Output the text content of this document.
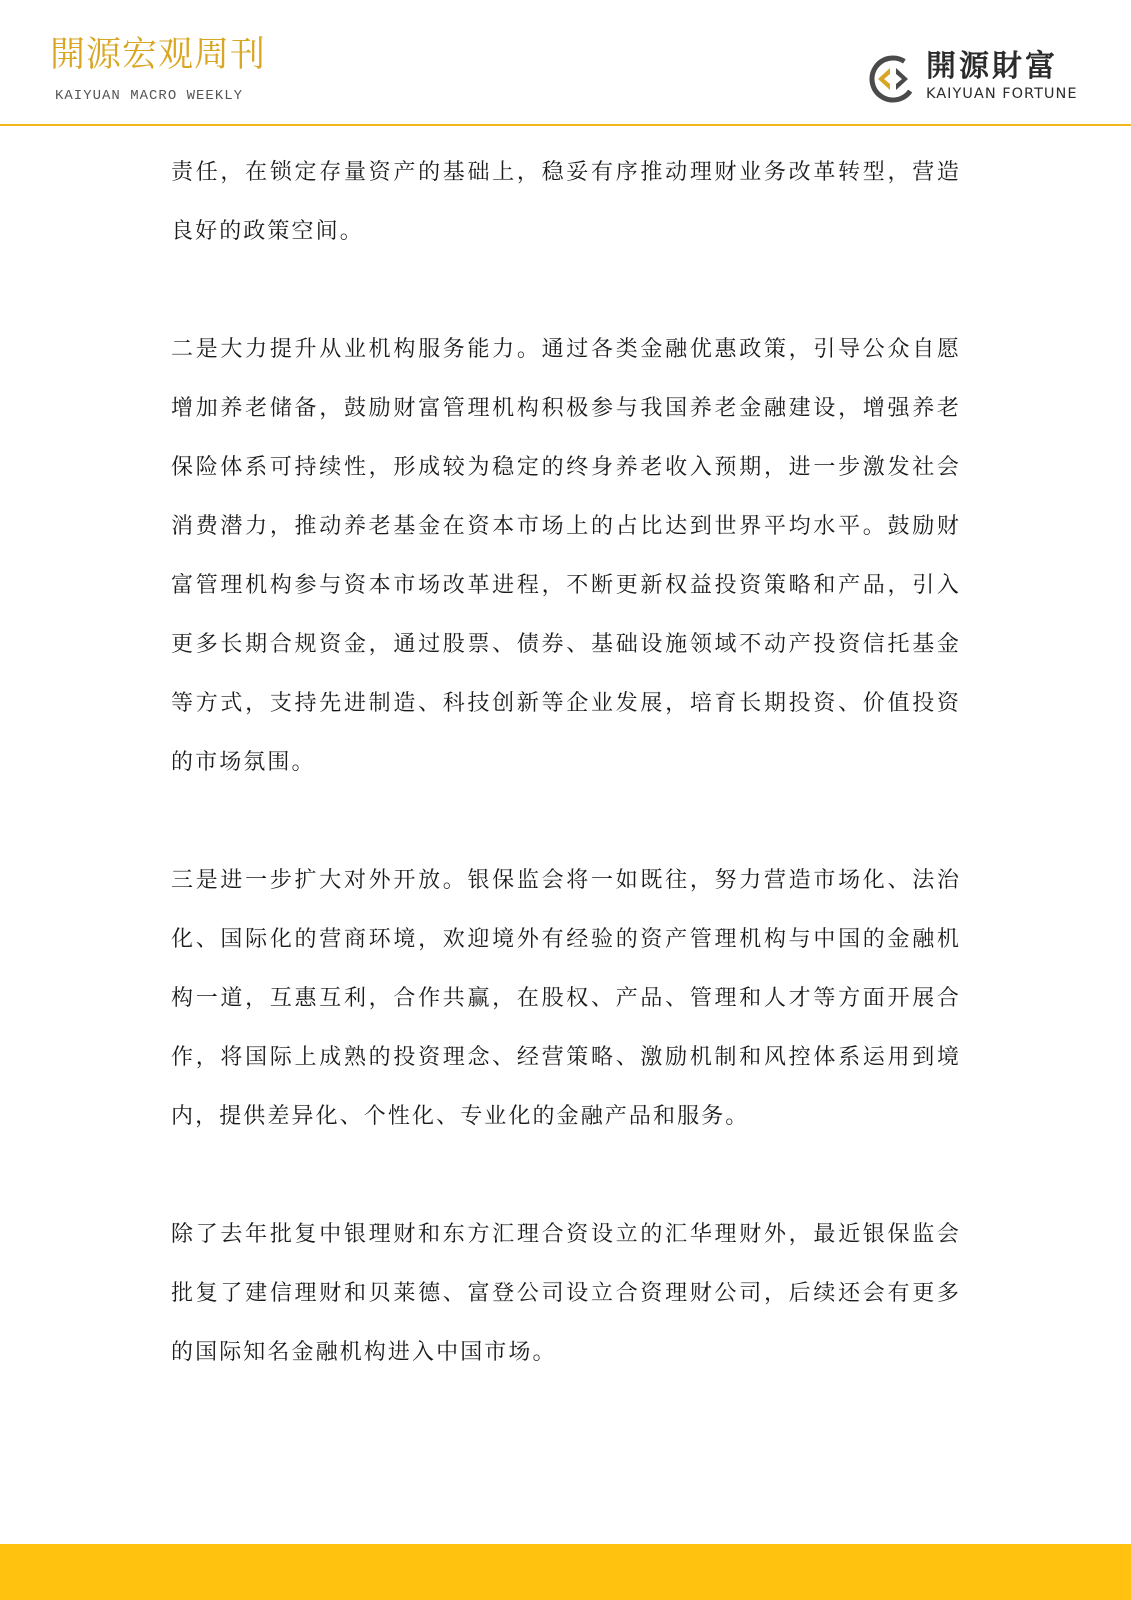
開源宏观周刊
KAIYUAN MACRO WEEKLY
開源財富
KAIYUAN FORTUNE

责任，在锁定存量资产的基础上，稳妥有序推动理财业务改革转型，营造良好的政策空间。

二是大力提升从业机构服务能力。通过各类金融优惠政策，引导公众自愿增加养老储备，鼓励财富管理机构积极参与我国养老金融建设，增强养老保险体系可持续性，形成较为稳定的终身养老收入预期，进一步激发社会消费潜力，推动养老基金在资本市场上的占比达到世界平均水平。鼓励财富管理机构参与资本市场改革进程，不断更新权益投资策略和产品，引入更多长期合规资金，通过股票、债券、基础设施领域不动产投资信托基金等方式，支持先进制造、科技创新等企业发展，培育长期投资、价值投资的市场氛围。

三是进一步扩大对外开放。银保监会将一如既往，努力营造市场化、法治化、国际化的营商环境，欢迎境外有经验的资产管理机构与中国的金融机构一道，互惠互利，合作共赢，在股权、产品、管理和人才等方面开展合作，将国际上成熟的投资理念、经营策略、激励机制和风控体系运用到境内，提供差异化、个性化、专业化的金融产品和服务。

除了去年批复中银理财和东方汇理合资设立的汇华理财外，最近银保监会批复了建信理财和贝莱德、富登公司设立合资理财公司，后续还会有更多的国际知名金融机构进入中国市场。
